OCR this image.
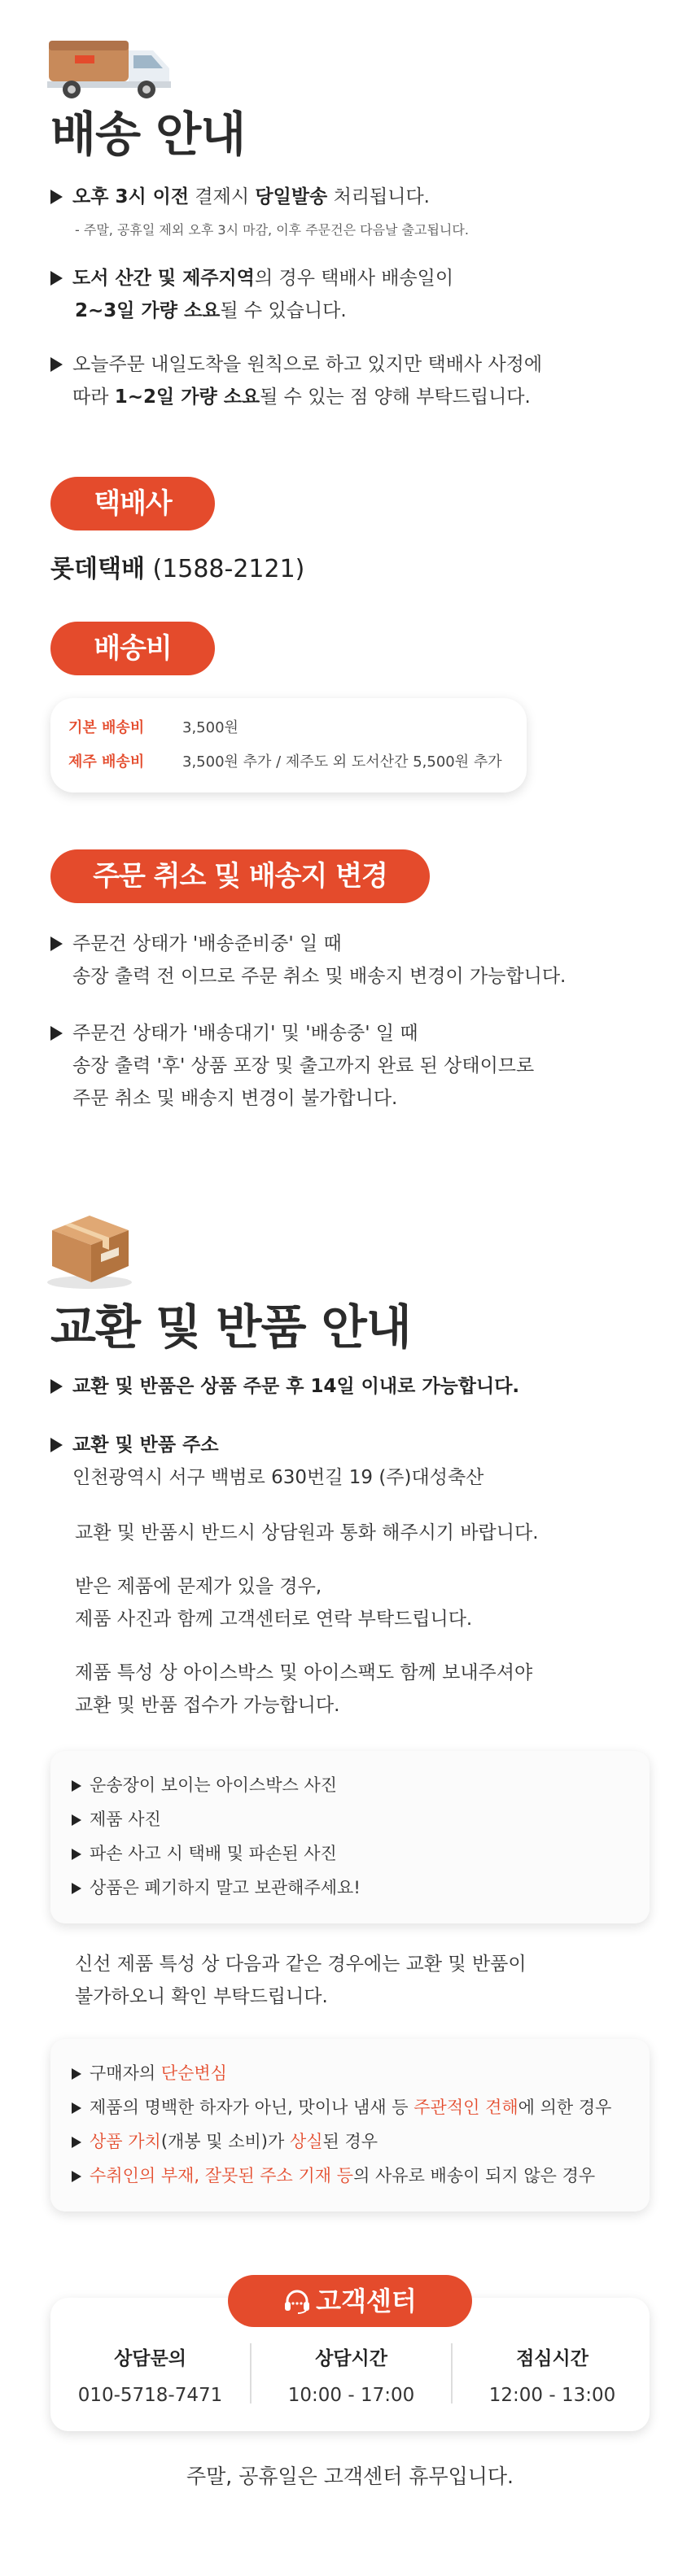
배송 안내
오후 3시 이전 결제시 당일발송 처리됩니다.
- 주말, 공휴일 제외 오후 3시 마감, 이후 주문건은 다음날 출고됩니다.
도서 산간 및 제주지역의 경우 택배사 배송일이
2~3일 가량 소요될 수 있습니다.
오늘주문 내일도착을 원칙으로 하고 있지만 택배사 사정에
따라 1~2일 가량 소요될 수 있는 점 양해 부탁드립니다.
택배사
롯데택배 (1588-2121)
배송비
기본 배송비	3,500원
제주 배송비	3,500원 추가 / 제주도 외 도서산간 5,500원 추가
주문 취소 및 배송지 변경
주문건 상태가 '배송준비중' 일 때
송장 출력 전 이므로 주문 취소 및 배송지 변경이 가능합니다.
주문건 상태가 '배송대기' 및 '배송중' 일 때
송장 출력 '후' 상품 포장 및 출고까지 완료 된 상태이므로
주문 취소 및 배송지 변경이 불가합니다.
교환 및 반품 안내
교환 및 반품은 상품 주문 후 14일 이내로 가능합니다.
교환 및 반품 주소
인천광역시 서구 백범로 630번길 19 (주)대성축산
교환 및 반품시 반드시 상담원과 통화 해주시기 바랍니다.
받은 제품에 문제가 있을 경우,
제품 사진과 함께 고객센터로 연락 부탁드립니다.
제품 특성 상 아이스박스 및 아이스팩도 함께 보내주셔야
교환 및 반품 접수가 가능합니다.
운송장이 보이는 아이스박스 사진
제품 사진
파손 사고 시 택배 및 파손된 사진
상품은 폐기하지 말고 보관해주세요!
신선 제품 특성 상 다음과 같은 경우에는 교환 및 반품이
불가하오니 확인 부탁드립니다.
구매자의 단순변심
제품의 명백한 하자가 아닌, 맛이나 냄새 등 주관적인 견해에 의한 경우
상품 가치(개봉 및 소비)가 상실된 경우
수취인의 부재, 잘못된 주소 기재 등의 사유로 배송이 되지 않은 경우
상담문의
010-5718-7471
상담시간
10:00 - 17:00
점심시간
12:00 - 13:00
고객센터
주말, 공휴일은 고객센터 휴무입니다.
